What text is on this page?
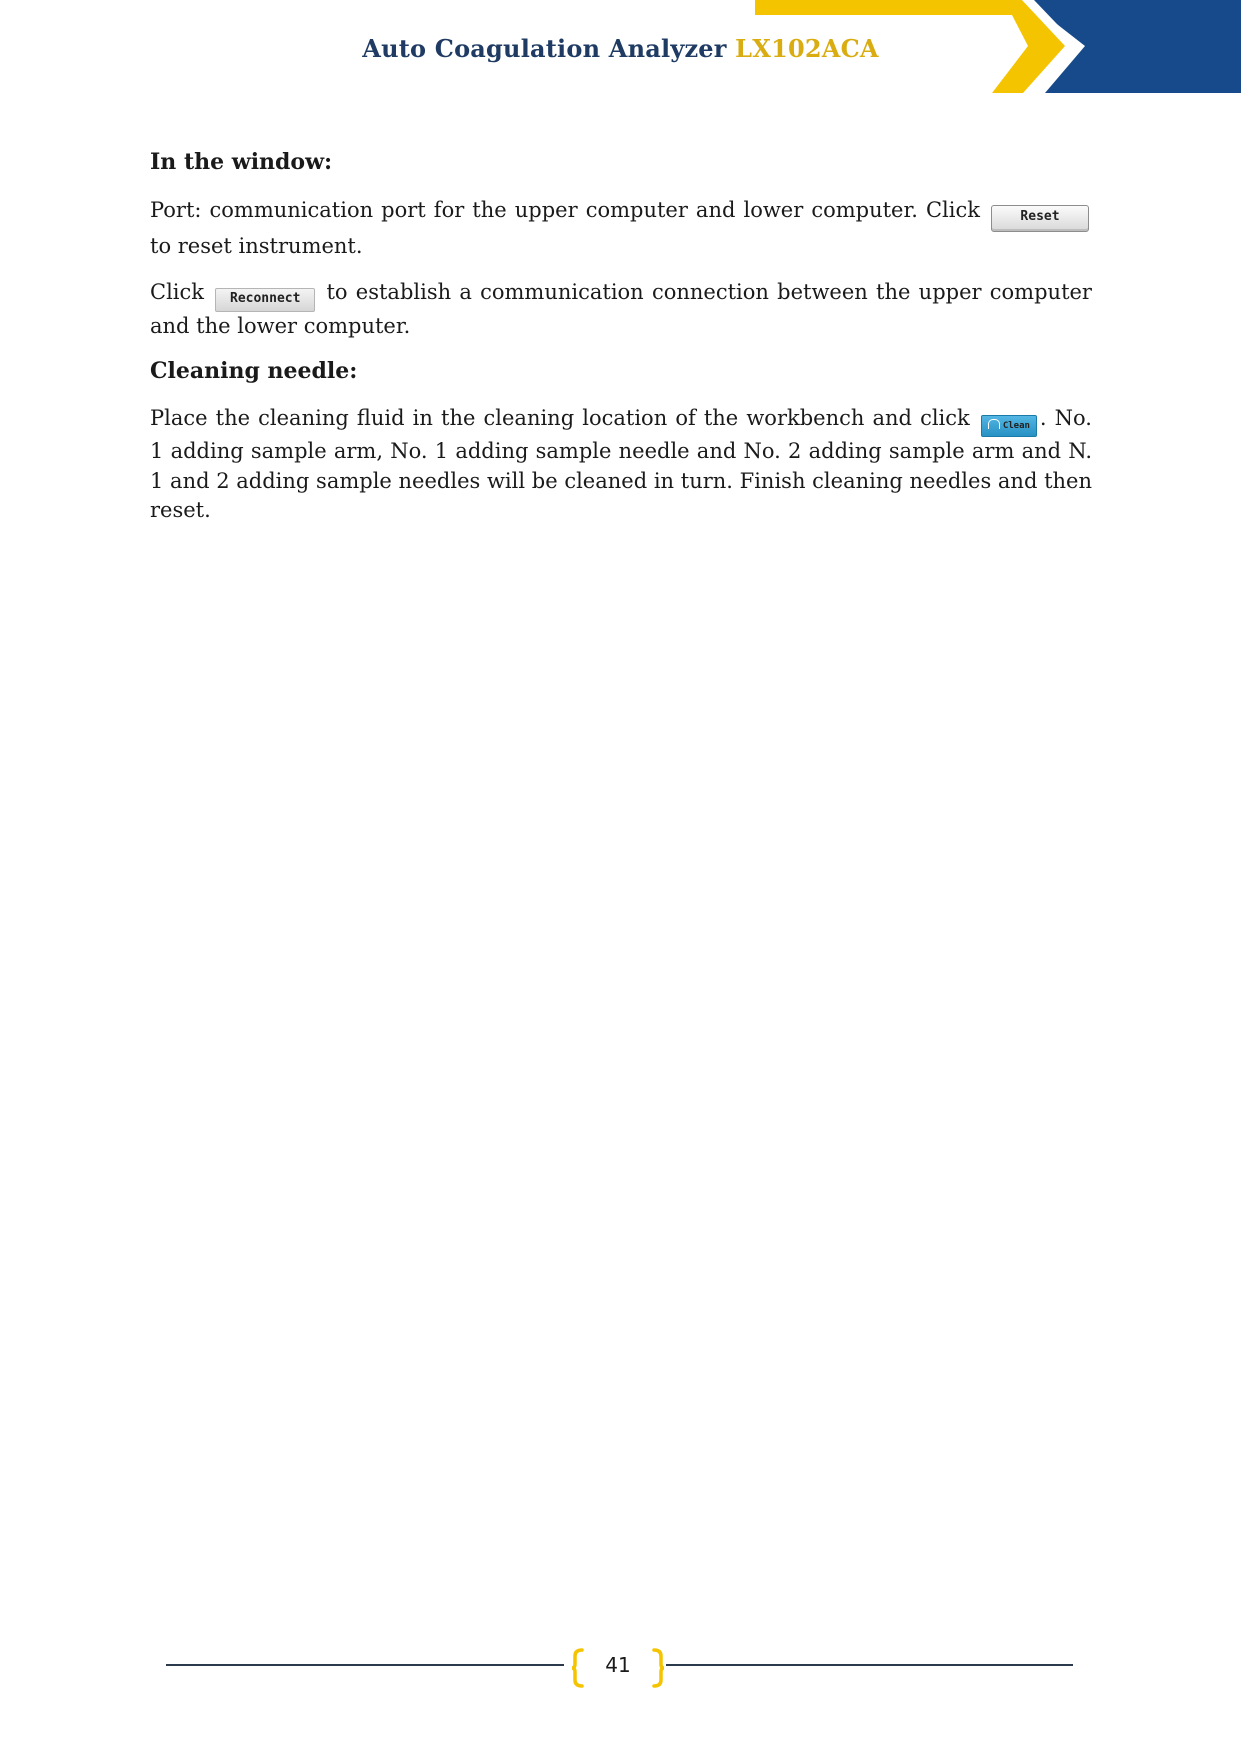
Auto Coagulation Analyzer LX102ACA
In the window:

Port: communication port for the upper computer and lower computer. Click	Reset to reset instrument.

Click Reconnect to establish a communication connection between the upper computer and the lower computer.

Cleaning needle:

Place the cleaning fluid in the cleaning location of the workbench and click	Clean . No. 1 adding sample arm, No. 1 adding sample needle and No. 2 adding sample arm and N. 1 and 2 adding sample needles will be cleaned in turn. Finish cleaning needles and then reset.

41
